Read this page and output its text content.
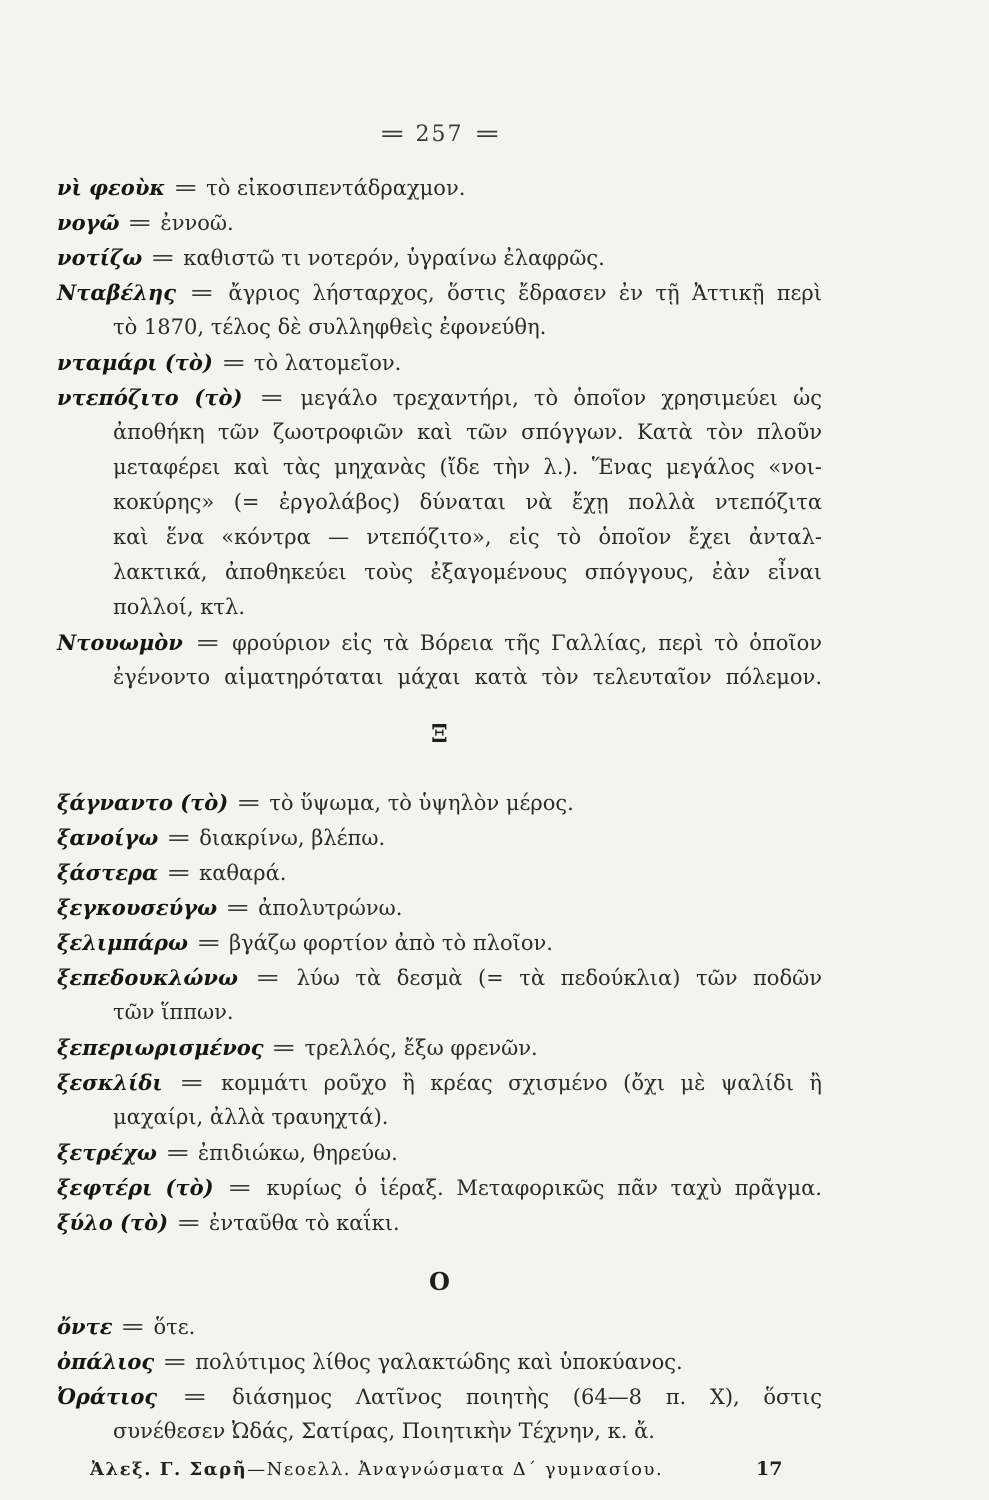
= 257 =
νὶ φεοὺκ = τὸ εἰκοσιπεντάδραχμον.
νογῶ = ἐννοῶ.
νοτίζω = καθιστῶ τι νοτερόν, ὑγραίνω ἐλαφρῶς.
Νταβέλης = ἄγριος λήσταρχος, ὅστις ἔδρασεν ἐν τῇ Ἀττικῇ περὶ
τὸ 1870, τέλος δὲ συλληφθεὶς ἐφονεύθη.
νταμάρι (τὸ) = τὸ λατομεῖον.
ντεπόζιτο (τὸ) = μεγάλο τρεχαντήρι, τὸ ὁποῖον χρησιμεύει ὡς
ἀποθήκη τῶν ζωοτροφιῶν καὶ τῶν σπόγγων. Κατὰ τὸν πλοῦν
μεταφέρει καὶ τὰς μηχανὰς (ἴδε τὴν λ.). Ἕνας μεγάλος «νοι-
κοκύρης» (= ἐργολάβος) δύναται νὰ ἔχῃ πολλὰ ντεπόζιτα
καὶ ἕνα «κόντρα — ντεπόζιτο», εἰς τὸ ὁποῖον ἔχει ἀνταλ-
λακτικά, ἀποθηκεύει τοὺς ἐξαγομένους σπόγγους, ἐὰν εἶναι
πολλοί, κτλ.
Ντουωμὸν = φρούριον εἰς τὰ Βόρεια τῆς Γαλλίας, περὶ τὸ ὁποῖον
ἐγένοντο αἱματηρόταται μάχαι κατὰ τὸν τελευταῖον πόλεμον.
Ξ
ξάγναντο (τὸ) = τὸ ὕψωμα, τὸ ὑψηλὸν μέρος.
ξανοίγω = διακρίνω, βλέπω.
ξάστερα = καθαρά.
ξεγκουσεύγω = ἀπολυτρώνω.
ξελιμπάρω = βγάζω φορτίον ἀπὸ τὸ πλοῖον.
ξεπεδουκλώνω = λύω τὰ δεσμὰ (= τὰ πεδούκλια) τῶν ποδῶν
τῶν ἵππων.
ξεπεριωρισμένος = τρελλός, ἔξω φρενῶν.
ξεσκλίδι = κομμάτι ροῦχο ἢ κρέας σχισμένο (ὄχι μὲ ψαλίδι ἢ
μαχαίρι, ἀλλὰ τραυηχτά).
ξετρέχω = ἐπιδιώκω, θηρεύω.
ξεφτέρι (τὸ) = κυρίως ὁ ἱέραξ. Μεταφορικῶς πᾶν ταχὺ πρᾶγμα.
ξύλο (τὸ) = ἐνταῦθα τὸ καΐκι.
Ο
ὄντε = ὅτε.
ὀπάλιος = πολύτιμος λίθος γαλακτώδης καὶ ὑποκύανος.
Ὀράτιος = διάσημος Λατῖνος ποιητὴς (64—8 π. Χ), ὅστις
συνέθεσεν Ὠδάς, Σατίρας, Ποιητικὴν Τέχνην, κ. ἄ.
Ἀλεξ. Γ. Σαρῆ—Νεοελλ. Ἀναγνώσματα Δ΄ γυμνασίου.	17
